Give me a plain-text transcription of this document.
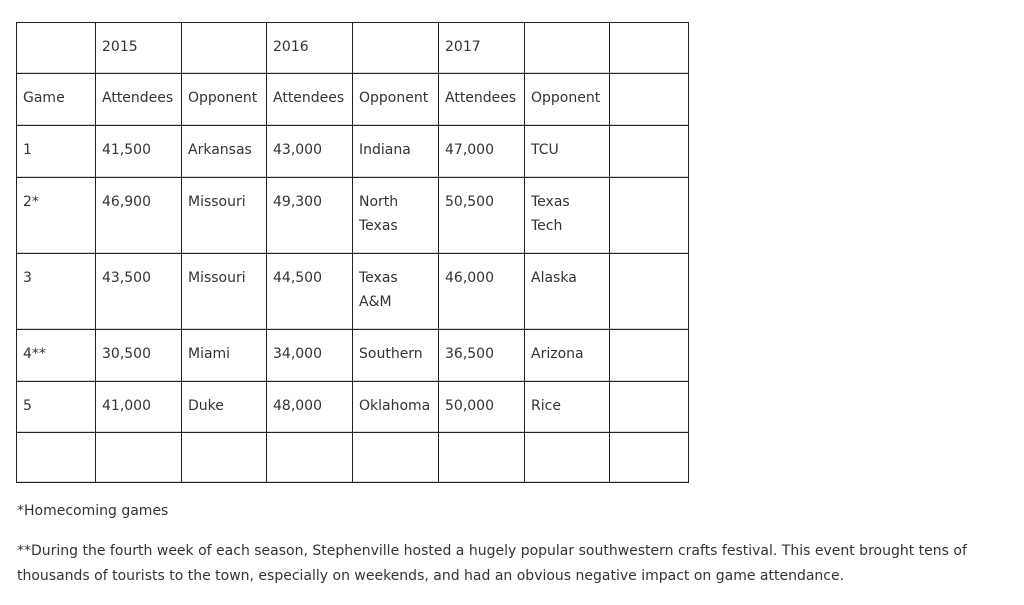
	2015		2016		2017		

Game	Attendees	Opponent	Attendees	Opponent	Attendees	Opponent	

1	41,500	Arkansas	43,000	Indiana	47,000	TCU	

2*	46,900	Missouri	49,300	North Texas	50,500	Texas Tech	

3	43,500	Missouri	44,500	Texas A&M	46,000	Alaska	

4**	30,500	Miami	34,000	Southern	36,500	Arizona	

5	41,000	Duke	48,000	Oklahoma	50,000	Rice	

*Homecoming games
**During the fourth week of each season, Stephenville hosted a hugely popular southwestern crafts festival. This event brought tens of thousands of tourists to the town, especially on weekends, and had an obvious negative impact on game attendance.
